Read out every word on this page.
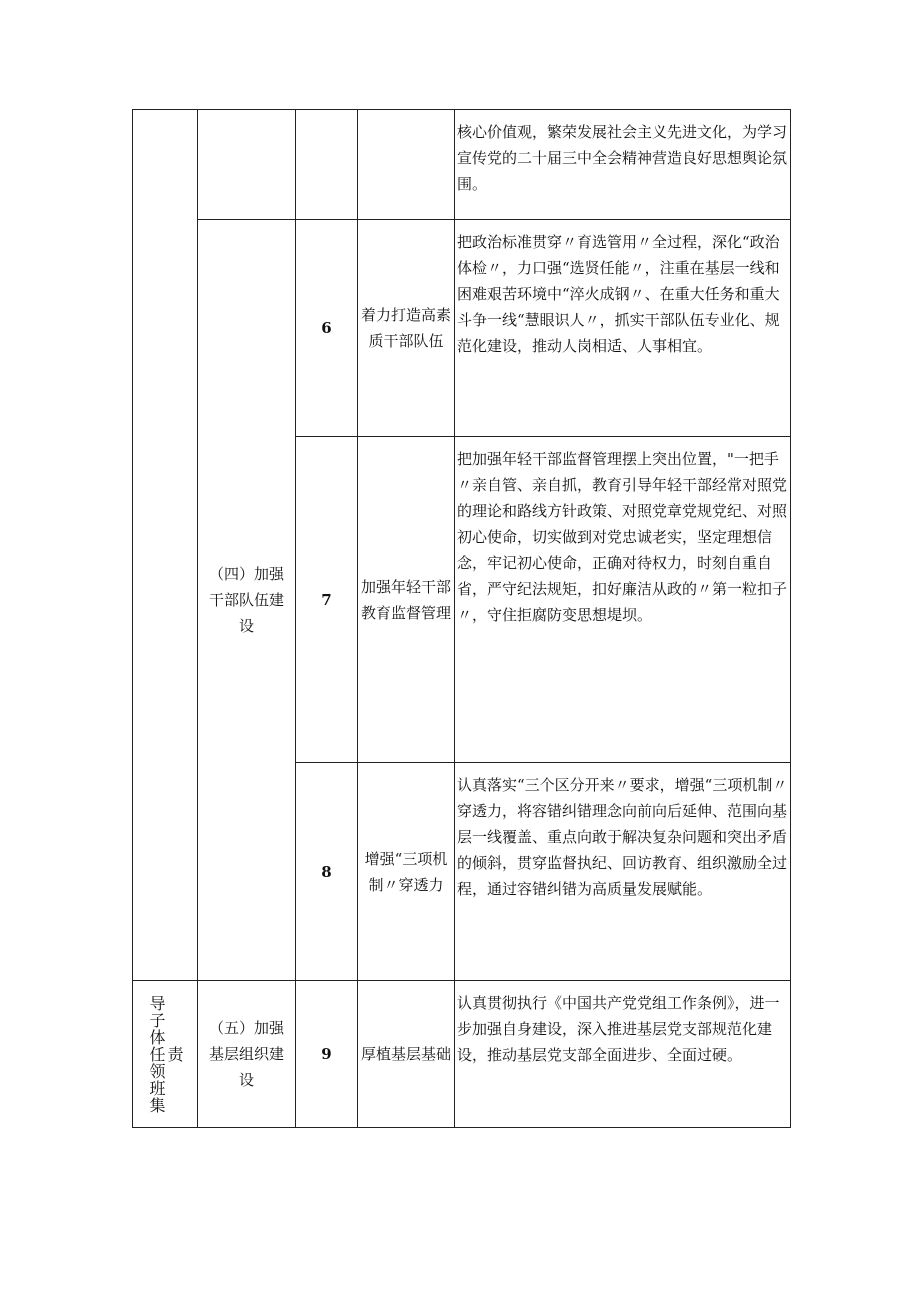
				核心价值观，繁荣发展社会主义先进文化，为学习宣传党的二十届三中全会精神营造良好思想舆论氛围。
	（四）加强干部队伍建设	6	着力打造高素质干部队伍	把政治标准贯穿〃育选管用〃全过程，深化“政治体检〃，力口强“选贤任能〃，注重在基层一线和困难艰苦环境中“淬火成钢〃、在重大任务和重大斗争一线“慧眼识人〃，抓实干部队伍专业化、规范化建设，推动人岗相适、人事相宜。
		7	加强年轻干部教育监督管理	把加强年轻干部监督管理摆上突出位置，"一把手〃亲自管、亲自抓，教育引导年轻干部经常对照党的理论和路线方针政策、对照党章党规党纪、对照初心使命，切实做到对党忠诚老实，坚定理想信念，牢记初心使命，正确对待权力，时刻自重自省，严守纪法规矩，扣好廉洁从政的〃第一粒扣子〃，守住拒腐防变思想堤坝。
		8	增强“三项机制〃穿透力	认真落实“三个区分开来〃要求，增强“三项机制〃穿透力，将容错纠错理念向前向后延伸、范围向基层一线覆盖、重点向敢于解决复杂问题和突出矛盾的倾斜，贯穿监督执纪、回访教育、组织激励全过程，通过容错纠错为高质量发展赋能。

导子体任领班集 责	（五）加强基层组织建设	9	厚植基层基础	认真贯彻执行《中国共产党党组工作条例》，进一步加强自身建设，深入推进基层党支部规范化建设，推动基层党支部全面进步、全面过硬。
